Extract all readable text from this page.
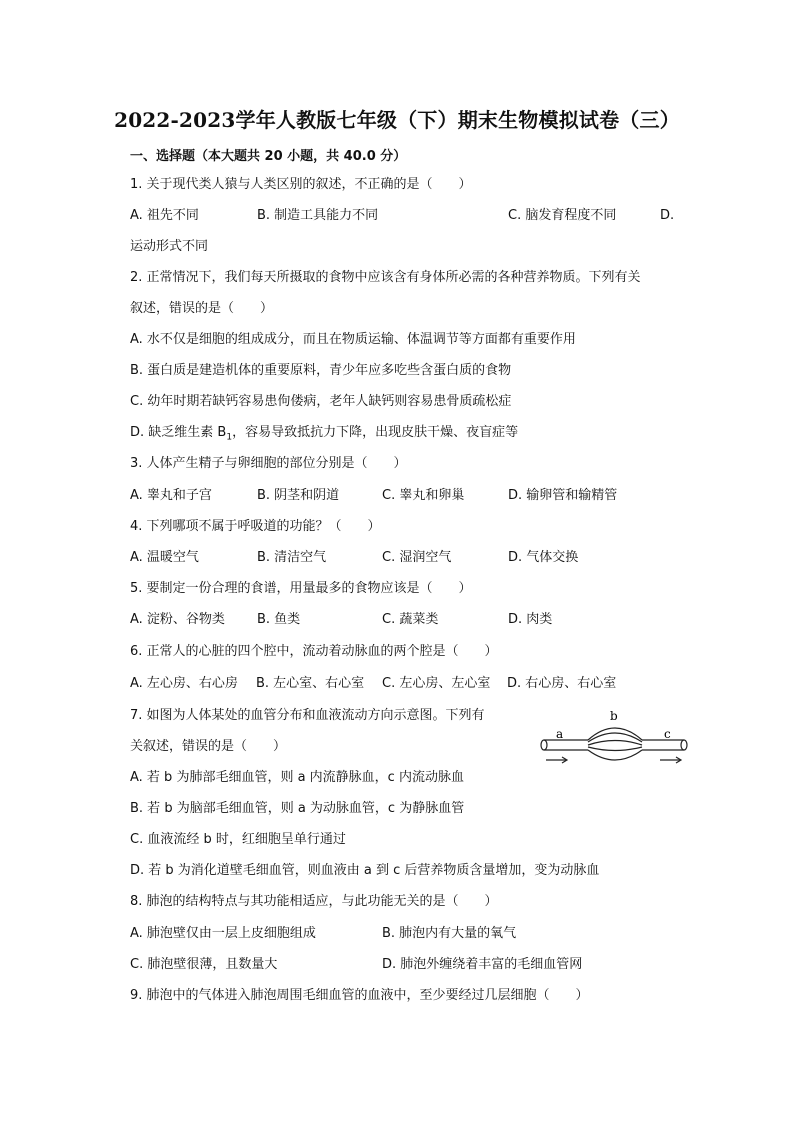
2022-2023学年人教版七年级（下）期末生物模拟试卷（三）
一、选择题（本大题共 20 小题，共 40.0 分）
1. 关于现代类人猿与人类区别的叙述，不正确的是（　　）
A. 祖先不同	B. 制造工具能力不同	C. 脑发育程度不同	D.
运动形式不同
2. 正常情况下，我们每天所摄取的食物中应该含有身体所必需的各种营养物质。下列有关
叙述，错误的是（　　）
A. 水不仅是细胞的组成成分，而且在物质运输、体温调节等方面都有重要作用
B. 蛋白质是建造机体的重要原料，青少年应多吃些含蛋白质的食物
C. 幼年时期若缺钙容易患佝偻病，老年人缺钙则容易患骨质疏松症
D. 缺乏维生素 $B_1$，容易导致抵抗力下降，出现皮肤干燥、夜盲症等
3. 人体产生精子与卵细胞的部位分别是（　　）
A. 睾丸和子宫	B. 阴茎和阴道	C. 睾丸和卵巢	D. 输卵管和输精管
4. 下列哪项不属于呼吸道的功能？（　　）
A. 温暖空气	B. 清洁空气	C. 湿润空气	D. 气体交换
5. 要制定一份合理的食谱，用量最多的食物应该是（　　）
A. 淀粉、谷物类 B. 鱼类	C. 蔬菜类	D. 肉类
6. 正常人的心脏的四个腔中，流动着动脉血的两个腔是（　　）
A. 左心房、右心房 B. 左心室、右心室 C. 左心房、左心室 D. 右心房、右心室
7. 如图为人体某处的血管分布和血液流动方向示意图。下列有
关叙述，错误的是（　　）
a
b
c
A. 若 b 为肺部毛细血管，则 a 内流静脉血，c 内流动脉血
B. 若 b 为脑部毛细血管，则 a 为动脉血管，c 为静脉血管
C. 血液流经 b 时，红细胞呈单行通过
D. 若 b 为消化道壁毛细血管，则血液由 a 到 c 后营养物质含量增加，变为动脉血
8. 肺泡的结构特点与其功能相适应，与此功能无关的是（　　）
A. 肺泡壁仅由一层上皮细胞组成	B. 肺泡内有大量的氧气
C. 肺泡壁很薄，且数量大	D. 肺泡外缠绕着丰富的毛细血管网
9. 肺泡中的气体进入肺泡周围毛细血管的血液中，至少要经过几层细胞（　　）
